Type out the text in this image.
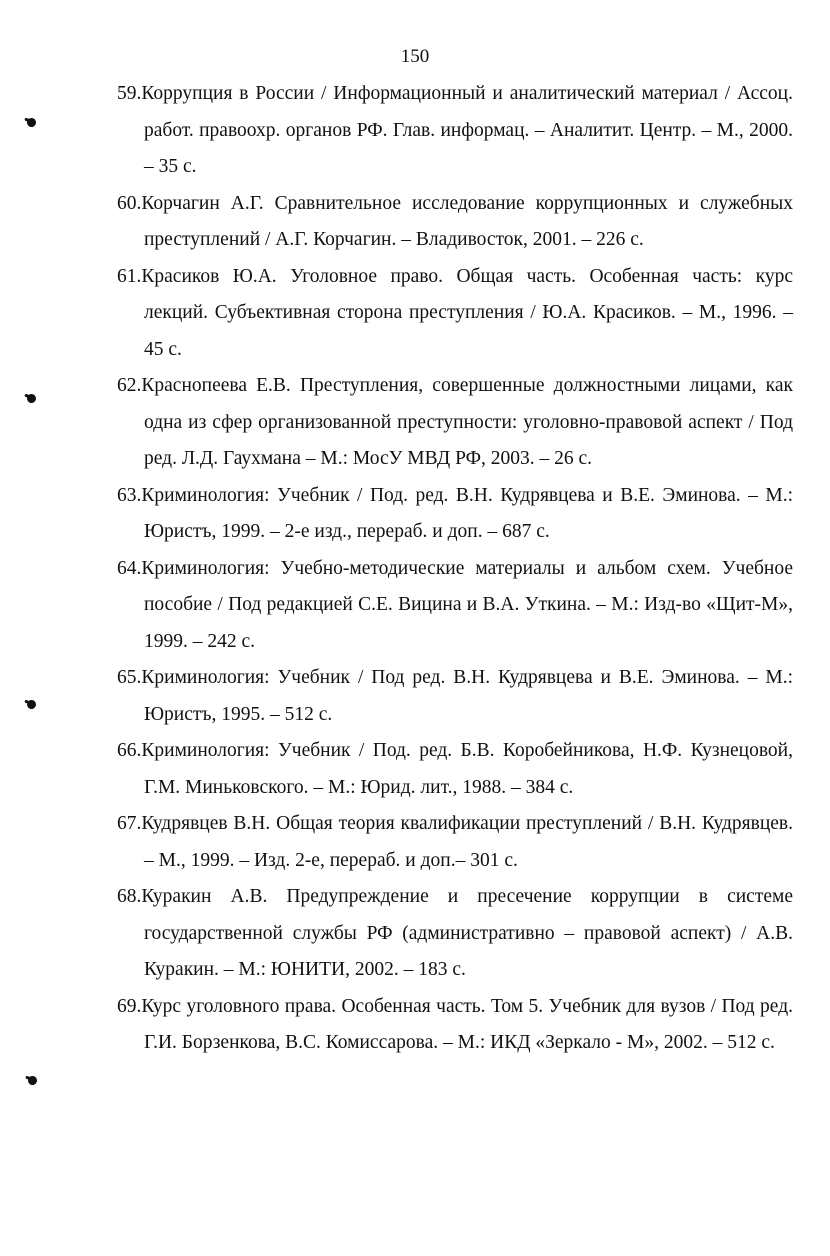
150
59.Коррупция в России / Информационный и аналитический материал / Ассоц. работ. правоохр. органов РФ. Глав. информац. – Аналитит. Центр. – М., 2000. – 35 с.
60.Корчагин А.Г. Сравнительное исследование коррупционных и служебных преступлений / А.Г. Корчагин. – Владивосток, 2001. – 226 с.
61.Красиков Ю.А. Уголовное право. Общая часть. Особенная часть: курс лекций. Субъективная сторона преступления / Ю.А. Красиков. – М., 1996. – 45 с.
62.Краснопеева Е.В. Преступления, совершенные должностными лицами, как одна из сфер организованной преступности: уголовно-правовой аспект / Под ред. Л.Д. Гаухмана – М.: МосУ МВД РФ, 2003. – 26 с.
63.Криминология: Учебник / Под. ред. В.Н. Кудрявцева и В.Е. Эминова. – М.: Юристъ, 1999. – 2-е изд., перераб. и доп. – 687 с.
64.Криминология: Учебно-методические материалы и альбом схем. Учебное пособие / Под редакцией С.Е. Вицина и В.А. Уткина. – М.: Изд-во «Щит-М», 1999. – 242 с.
65.Криминология: Учебник / Под ред. В.Н. Кудрявцева и В.Е. Эминова. – М.: Юристъ, 1995. – 512 с.
66.Криминология: Учебник / Под. ред. Б.В. Коробейникова, Н.Ф. Кузнецовой, Г.М. Миньковского. – М.: Юрид. лит., 1988. – 384 с.
67.Кудрявцев В.Н. Общая теория квалификации преступлений / В.Н. Кудрявцев. – М., 1999. – Изд. 2-е, перераб. и доп.– 301 с.
68.Куракин А.В. Предупреждение и пресечение коррупции в системе государственной службы РФ (административно – правовой аспект) / А.В. Куракин. – М.: ЮНИТИ, 2002. – 183 с.
69.Курс уголовного права. Особенная часть. Том 5. Учебник для вузов / Под ред. Г.И. Борзенкова, В.С. Комиссарова. – М.: ИКД «Зеркало - М», 2002. – 512 с.
